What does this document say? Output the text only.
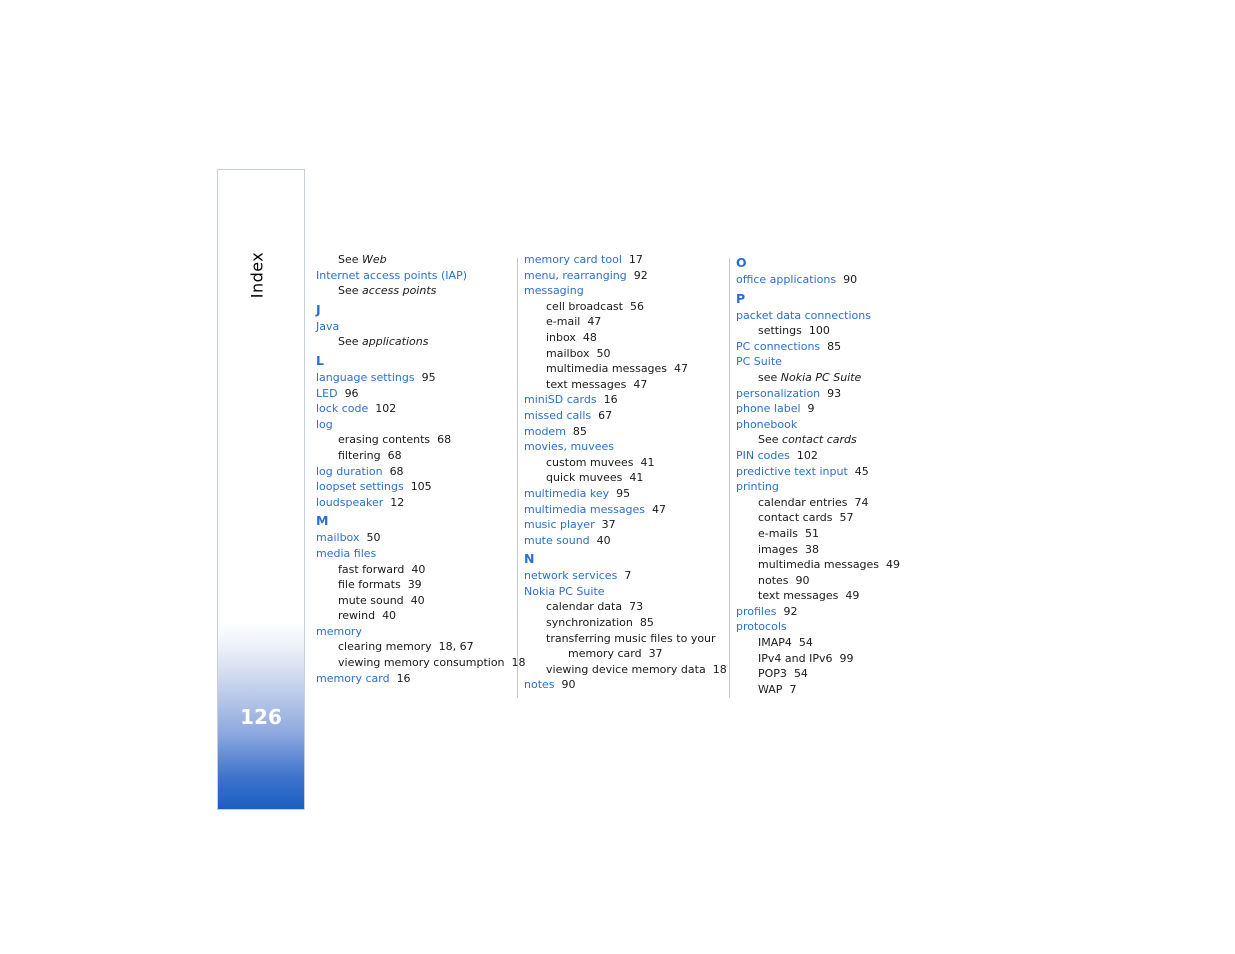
Index
126
See Web
Internet access points (IAP)
See access points
J
Java
See applications
L
language settings 95
LED 96
lock code 102
log
erasing contents 68
filtering 68
log duration 68
loopset settings 105
loudspeaker 12
M
mailbox 50
media files
fast forward 40
file formats 39
mute sound 40
rewind 40
memory
clearing memory 18, 67
viewing memory consumption 18
memory card 16
memory card tool 17
menu, rearranging 92
messaging
cell broadcast 56
e-mail 47
inbox 48
mailbox 50
multimedia messages 47
text messages 47
miniSD cards 16
missed calls 67
modem 85
movies, muvees
custom muvees 41
quick muvees 41
multimedia key 95
multimedia messages 47
music player 37
mute sound 40
N
network services 7
Nokia PC Suite
calendar data 73
synchronization 85
transferring music files to your
memory card 37
viewing device memory data 18
notes 90
O
office applications 90
P
packet data connections
settings 100
PC connections 85
PC Suite
see Nokia PC Suite
personalization 93
phone label 9
phonebook
See contact cards
PIN codes 102
predictive text input 45
printing
calendar entries 74
contact cards 57
e-mails 51
images 38
multimedia messages 49
notes 90
text messages 49
profiles 92
protocols
IMAP4 54
IPv4 and IPv6 99
POP3 54
WAP 7
